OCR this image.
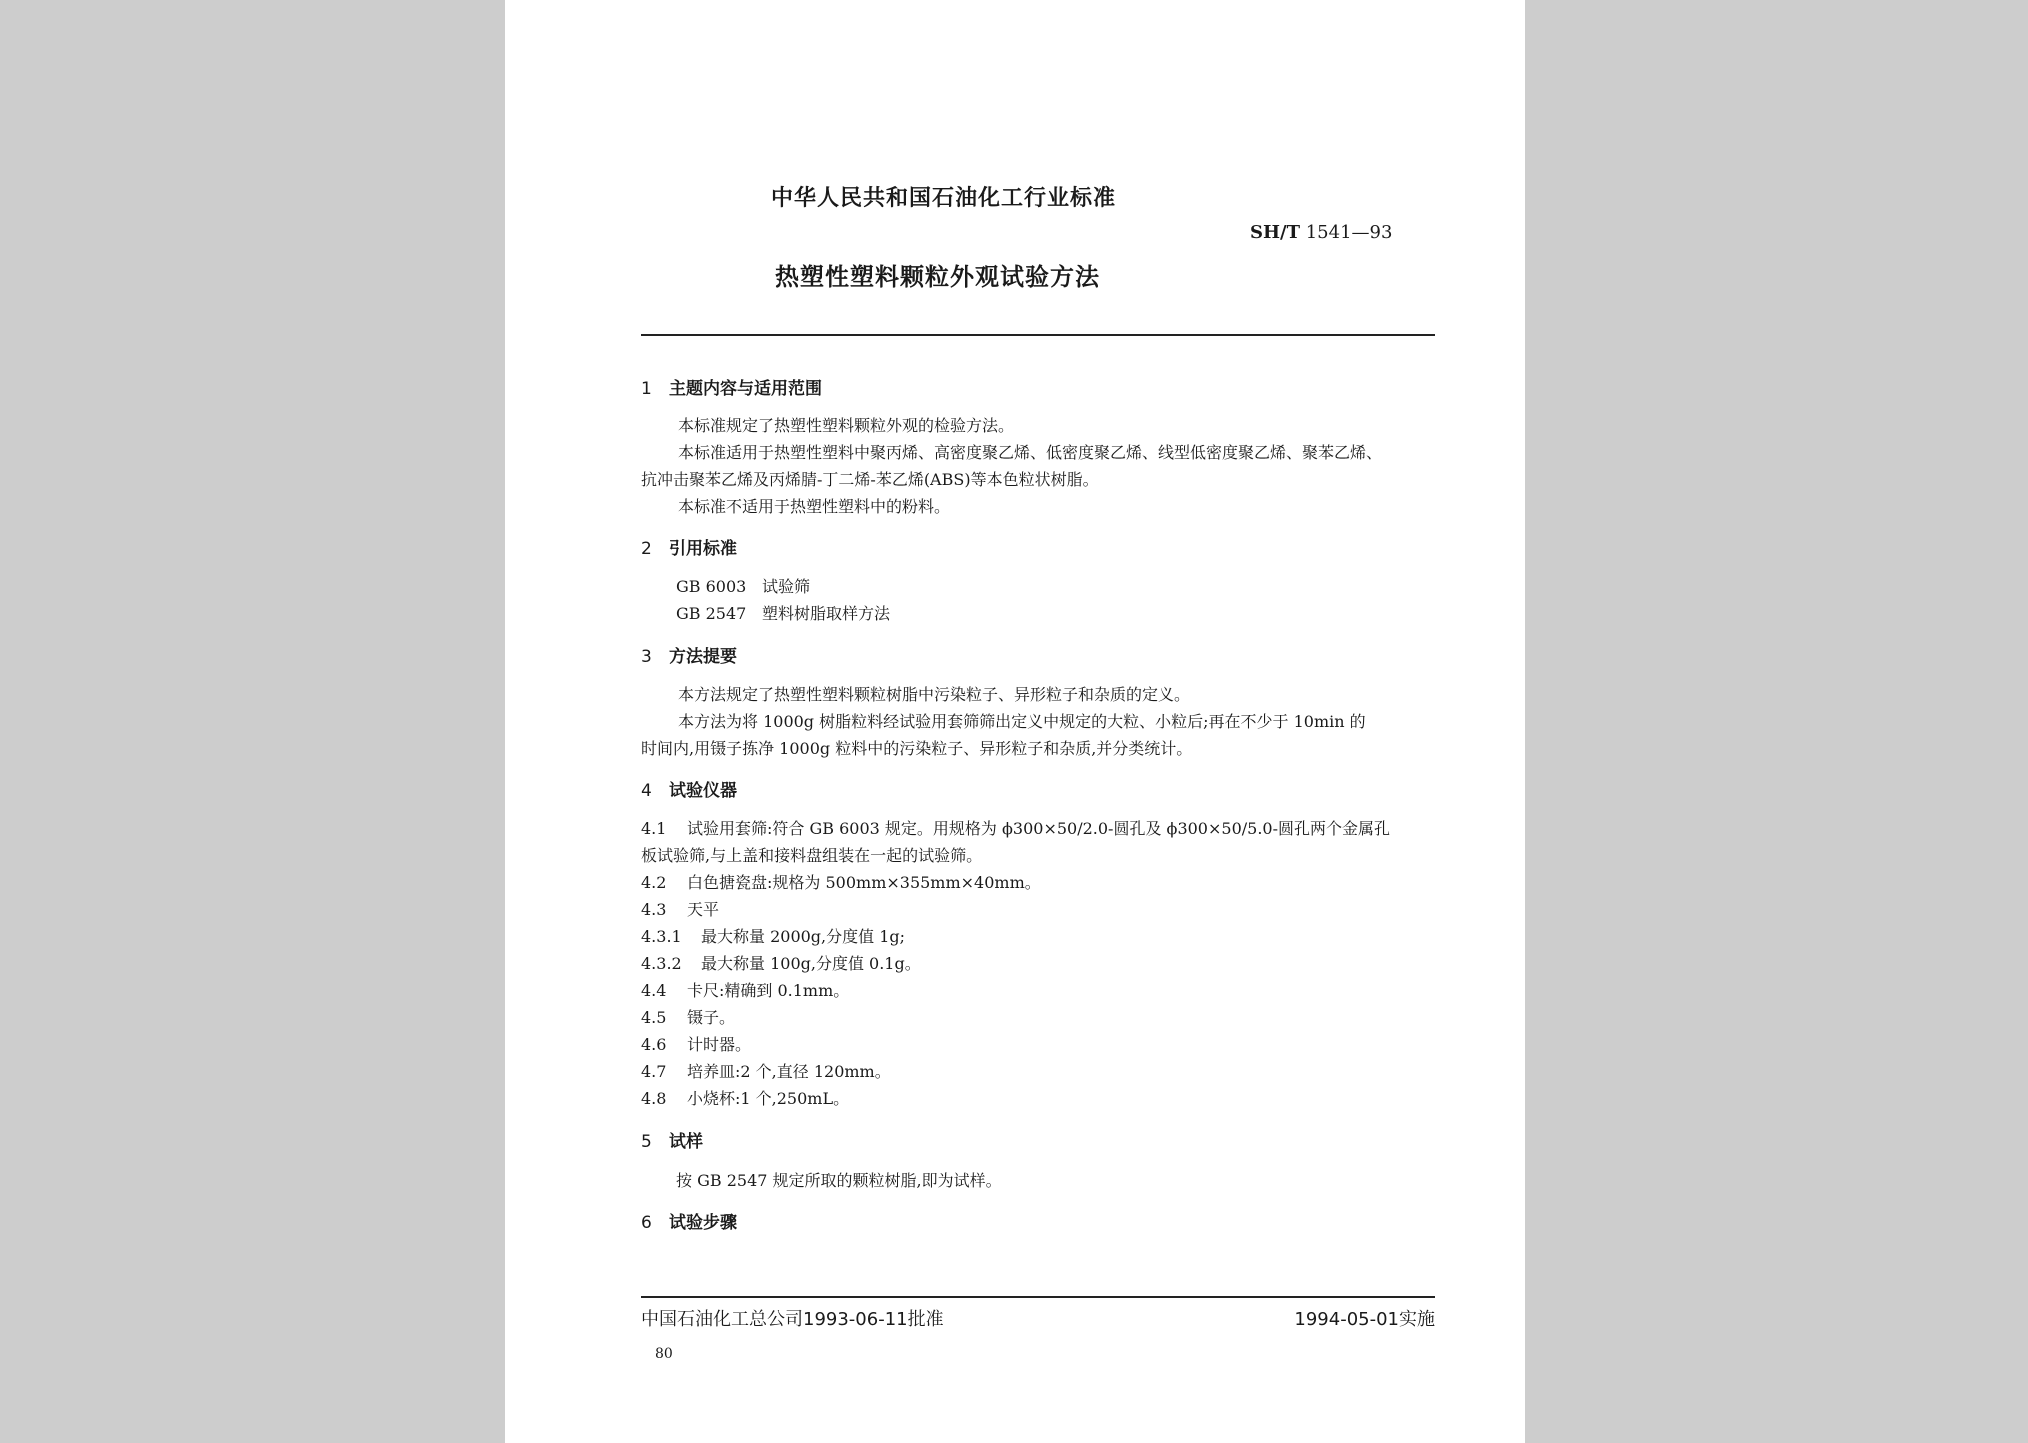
中华人民共和国石油化工行业标准
SH/T 1541—93
热塑性塑料颗粒外观试验方法
1 主题内容与适用范围
本标准规定了热塑性塑料颗粒外观的检验方法。
本标准适用于热塑性塑料中聚丙烯、高密度聚乙烯、低密度聚乙烯、线型低密度聚乙烯、聚苯乙烯、
抗冲击聚苯乙烯及丙烯腈-丁二烯-苯乙烯(ABS)等本色粒状树脂。
本标准不适用于热塑性塑料中的粉料。
2 引用标准
GB 6003 试验筛
GB 2547 塑料树脂取样方法
3 方法提要
本方法规定了热塑性塑料颗粒树脂中污染粒子、异形粒子和杂质的定义。
本方法为将 1000g 树脂粒料经试验用套筛筛出定义中规定的大粒、小粒后;再在不少于 10min 的
时间内,用镊子拣净 1000g 粒料中的污染粒子、异形粒子和杂质,并分类统计。
4 试验仪器
4.1 试验用套筛:符合 GB 6003 规定。用规格为 ϕ300×50/2.0-圆孔及 ϕ300×50/5.0-圆孔两个金属孔
板试验筛,与上盖和接料盘组装在一起的试验筛。
4.2 白色搪瓷盘:规格为 500mm×355mm×40mm。
4.3 天平
4.3.1 最大称量 2000g,分度值 1g;
4.3.2 最大称量 100g,分度值 0.1g。
4.4 卡尺:精确到 0.1mm。
4.5 镊子。
4.6 计时器。
4.7 培养皿:2 个,直径 120mm。
4.8 小烧杯:1 个,250mL。
5 试样
按 GB 2547 规定所取的颗粒树脂,即为试样。
6 试验步骤
中国石油化工总公司1993-06-11批准	1994-05-01实施
80
